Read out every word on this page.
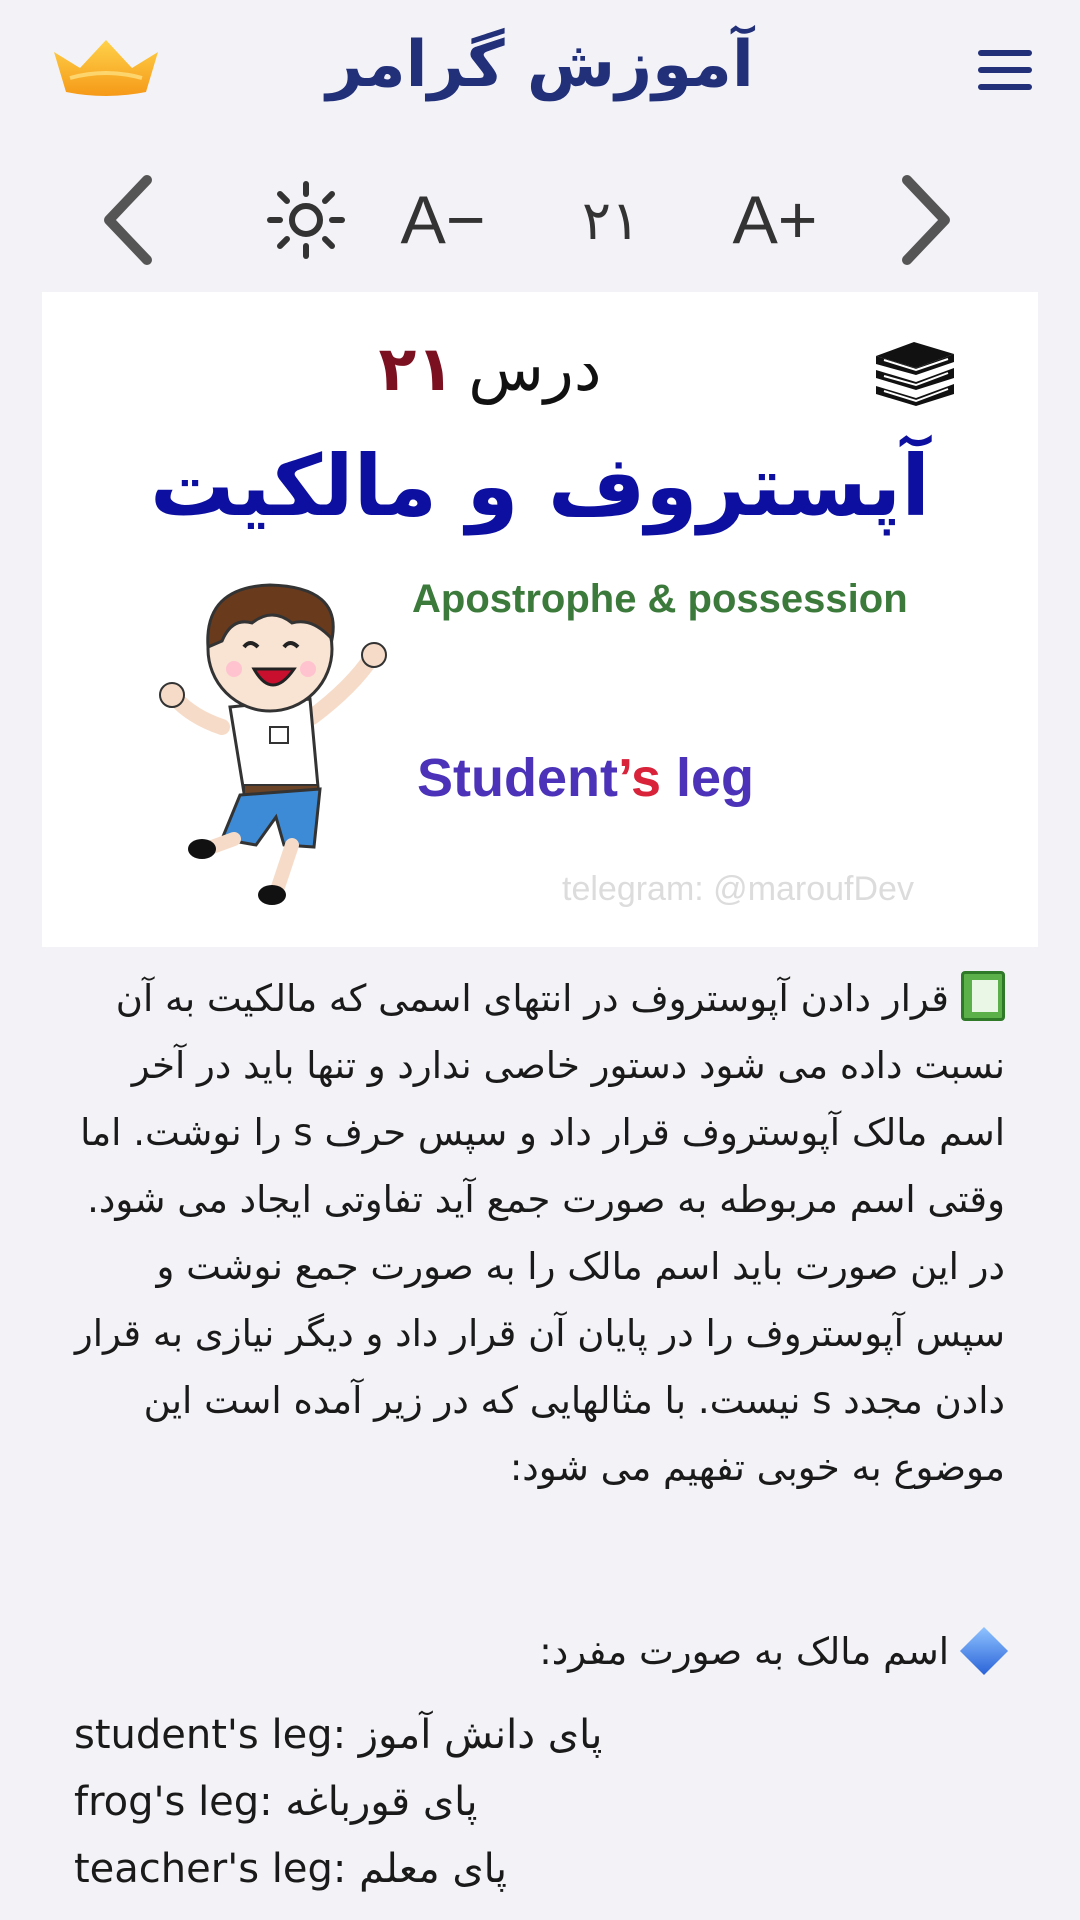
آموزش گرامر
A− ۲۱ A+
درس۲۱
آپستروف و مالکیت
Apostrophe & possession
Student’s leg
telegram: @maroufDev
قرار دادن آپوستروف در انتهای اسمی که مالکیت به آن نسبت داده می شود دستور خاصی ندارد و تنها باید در آخر اسم مالک آپوستروف قرار داد و سپس حرف s را نوشت. اما وقتی اسم مربوطه به صورت جمع آید تفاوتی ایجاد می شود. در این صورت باید اسم مالک را به صورت جمع نوشت و سپس آپوستروف را در پایان آن قرار داد و دیگر نیازی به قرار دادن مجدد s نیست. با مثالهایی که در زیر آمده است این موضوع به خوبی تفهیم می شود:
اسم مالک به صورت مفرد:
student's leg: پای دانش آموز
frog's leg: پای قورباغه
teacher's leg: پای معلم
